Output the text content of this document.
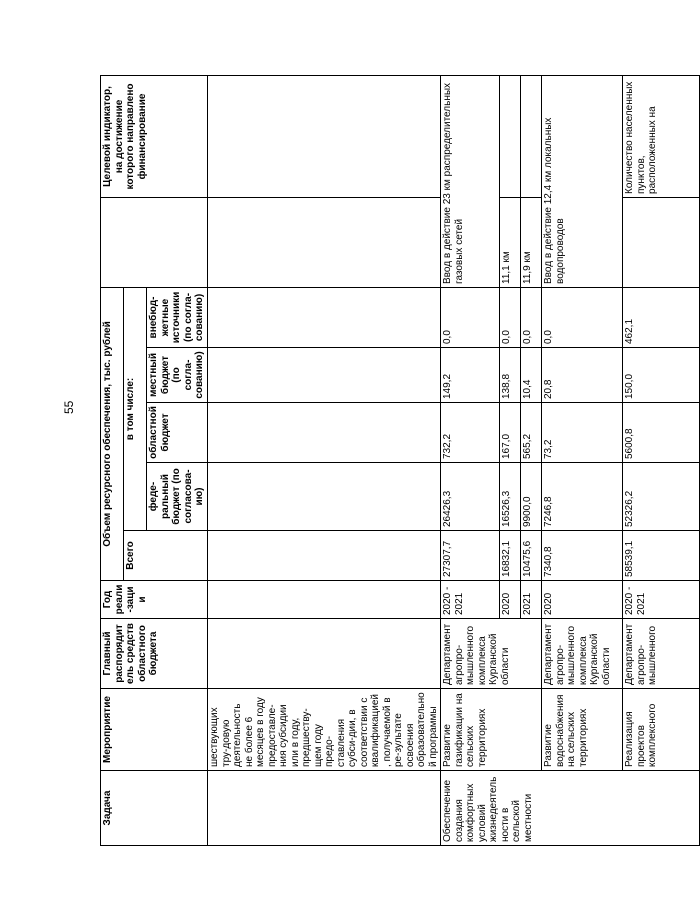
55
Задача	Мероприятие	Главный распорядитель средств областного бюджета	Год реали-зации	Объем ресурсного обеспечения, тыс. рублей						Целевой индикатор, на достижение которого направлено финансирование
				Всего	в том числе:					
					феде-ральный бюджет (по согласова-ию)	областной бюджет	местный бюджет (по согла-сованию)	внебюд-жетные источники (по согла-сованию)		
	шествующих тру-довую деятельность не более 6 месяцев в году предоставле-ния субсидии или в году, предшеству-щем году предо-ставления субси-дии, в соответствии с квалификацией, получаемой в ре-зультате освоения образовательной программы									
Обеспечение создания комфортных условий жизнедеятельности в сельской местности	Развитие газификации на сельских территориях	Департамент агропро-мышленного комплекса Курганской области	2020 - 2021	27307,7	26426,3	732,2	149,2	0,0	Ввод в действие 23 км распределительных газовых сетей	
			2020	16832,1	16526,3	167,0	138,8	0,0	11,1 км	
			2021	10475,6	9900,0	565,2	10,4	0,0	11,9 км	
	Развитие водоснабжения на сельских территориях	Департамент агропро-мышленного комплекса Курганской области	2020	7340,8	7246,8	73,2	20,8	0,0	Ввод в действие 12,4 км локальных водопроводов	
	Реализация проектов комплексного	Департамент агропро-мышленного	2020 - 2021	58539,1	52326,2	5600,8	150,0	462,1		Количество населенных пунктов, расположенных на
